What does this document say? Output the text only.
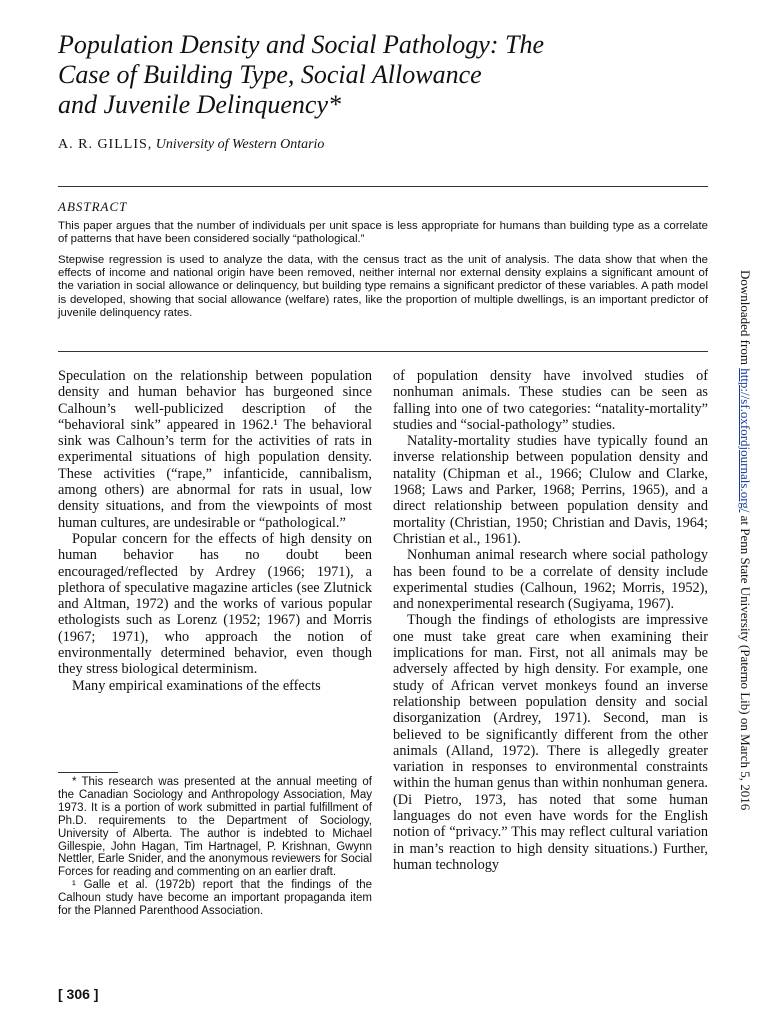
Population Density and Social Pathology: The
Case of Building Type, Social Allowance
and Juvenile Delinquency*
A. R. GILLIS, University of Western Ontario
ABSTRACT

This paper argues that the number of individuals per unit space is less appropriate for humans than building type as a correlate of patterns that have been considered socially “pathological.”

Stepwise regression is used to analyze the data, with the census tract as the unit of analysis. The data show that when the effects of income and national origin have been removed, neither internal nor external density explains a significant amount of the variation in social allowance or delinquency, but building type remains a significant predictor of these variables. A path model is developed, showing that social allowance (welfare) rates, like the proportion of multiple dwellings, is an important predictor of juvenile delinquency rates.

Speculation on the relationship between population density and human behavior has burgeoned since Calhoun’s well-publicized description of the “behavioral sink” appeared in 1962.¹ The behavioral sink was Calhoun’s term for the activities of rats in experimental situations of high population density. These activities (“rape,” infanticide, cannibalism, among others) are abnormal for rats in usual, low density situations, and from the viewpoints of most human cultures, are undesirable or “pathological.”

Popular concern for the effects of high density on human behavior has no doubt been encouraged/reflected by Ardrey (1966; 1971), a plethora of speculative magazine articles (see Zlutnick and Altman, 1972) and the works of various popular ethologists such as Lorenz (1952; 1967) and Morris (1967; 1971), who approach the notion of environmentally determined behavior, even though they stress biological determinism.

Many empirical examinations of the effects

of population density have involved studies of nonhuman animals. These studies can be seen as falling into one of two categories: “natality-mortality” studies and “social-pathology” studies.

Natality-mortality studies have typically found an inverse relationship between population density and natality (Chipman et al., 1966; Clulow and Clarke, 1968; Laws and Parker, 1968; Perrins, 1965), and a direct relationship between population density and mortality (Christian, 1950; Christian and Davis, 1964; Christian et al., 1961).

Nonhuman animal research where social pathology has been found to be a correlate of density include experimental studies (Calhoun, 1962; Morris, 1952), and nonexperimental research (Sugiyama, 1967).

Though the findings of ethologists are impressive one must take great care when examining their implications for man. First, not all animals may be adversely affected by high density. For example, one study of African vervet monkeys found an inverse relationship between population density and social disorganization (Ardrey, 1971). Second, man is believed to be significantly different from the other animals (Alland, 1972). There is allegedly greater variation in responses to environmental constraints within the human genus than within nonhuman genera. (Di Pietro, 1973, has noted that some human languages do not even have words for the English notion of “privacy.” This may reflect cultural variation in man’s reaction to high density situations.) Further, human technology

* This research was presented at the annual meeting of the Canadian Sociology and Anthropology Association, May 1973. It is a portion of work submitted in partial fulfillment of Ph.D. requirements to the Department of Sociology, University of Alberta. The author is indebted to Michael Gillespie, John Hagan, Tim Hartnagel, P. Krishnan, Gwynn Nettler, Earle Snider, and the anonymous reviewers for Social Forces for reading and commenting on an earlier draft.

¹ Galle et al. (1972b) report that the findings of the Calhoun study have become an important propaganda item for the Planned Parenthood Association.

[ 306 ]
Downloaded from http://sf.oxfordjournals.org/ at Penn State University (Paterno Lib) on March 5, 2016
